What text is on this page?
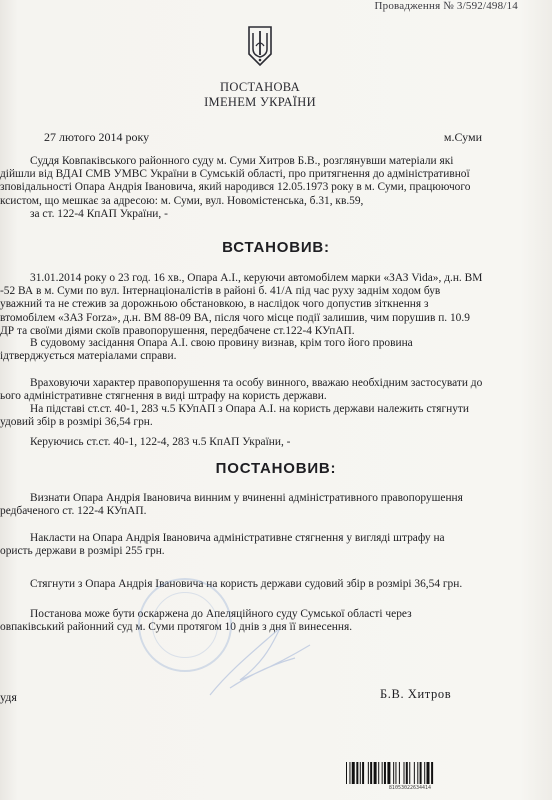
Провадження № 3/592/498/14
ПОСТАНОВА
ІМЕНЕМ УКРАЇНИ
27 лютого 2014 року	м.Суми
Суддя Ковпаківського районного суду м. Суми Хитров Б.В., розглянувши матеріали які
дійшли від ВДАІ СМВ УМВС України в Сумській області, про притягнення до адміністративної
зповідальності Опара Андрія Івановича, який народився 12.05.1973 року в м. Суми, працюючого
ксистом, що мешкає за адресою: м. Суми, вул. Новомістенська, б.31, кв.59,
за ст. 122-4 КпАП України, -
ВСТАНОВИВ:
31.01.2014 року о 23 год. 16 хв., Опара А.І., керуючи автомобілем марки «ЗАЗ Vida», д.н. ВМ
-52 ВА в м. Суми по вул. Інтернаціоналістів в районі б. 41/А під час руху заднім ходом був
уважний та не стежив за дорожньою обстановкою, в наслідок чого допустив зіткнення з
втомобілем «ЗАЗ Forza», д.н. ВМ 88-09 ВА, після чого місце події залишив, чим порушив п. 10.9
ДР та своїми діями скоїв правопорушення, передбачене ст.122-4 КУпАП.
В судовому засідання Опара А.І. свою провину визнав, крім того його провина
ідтверджується матеріалами справи.
Враховуючи характер правопорушення та особу винного, вважаю необхідним застосувати до
ього адміністративне стягнення в виді штрафу на користь держави.
На підставі ст.ст. 40-1, 283 ч.5 КУпАП з Опара А.І. на користь держави належить стягнути
удовий збір в розмірі 36,54 грн.
Керуючись ст.ст. 40-1, 122-4, 283 ч.5 КпАП України, -
ПОСТАНОВИВ:
Визнати Опара Андрія Івановича винним у вчиненні адміністративного правопорушення
редбаченого ст. 122-4 КУпАП.
Накласти на Опара Андрія Івановича адміністративне стягнення у вигляді штрафу на
ористь держави в розмірі 255 грн.
Стягнути з Опара Андрія Івановича на користь держави судовий збір в розмірі 36,54 грн.
Постанова може бути оскаржена до Апеляційного суду Сумської області через
овпаківський районний суд м. Суми протягом 10 днів з дня її винесення.
удя	Б.В. Хитров
81053022634414
